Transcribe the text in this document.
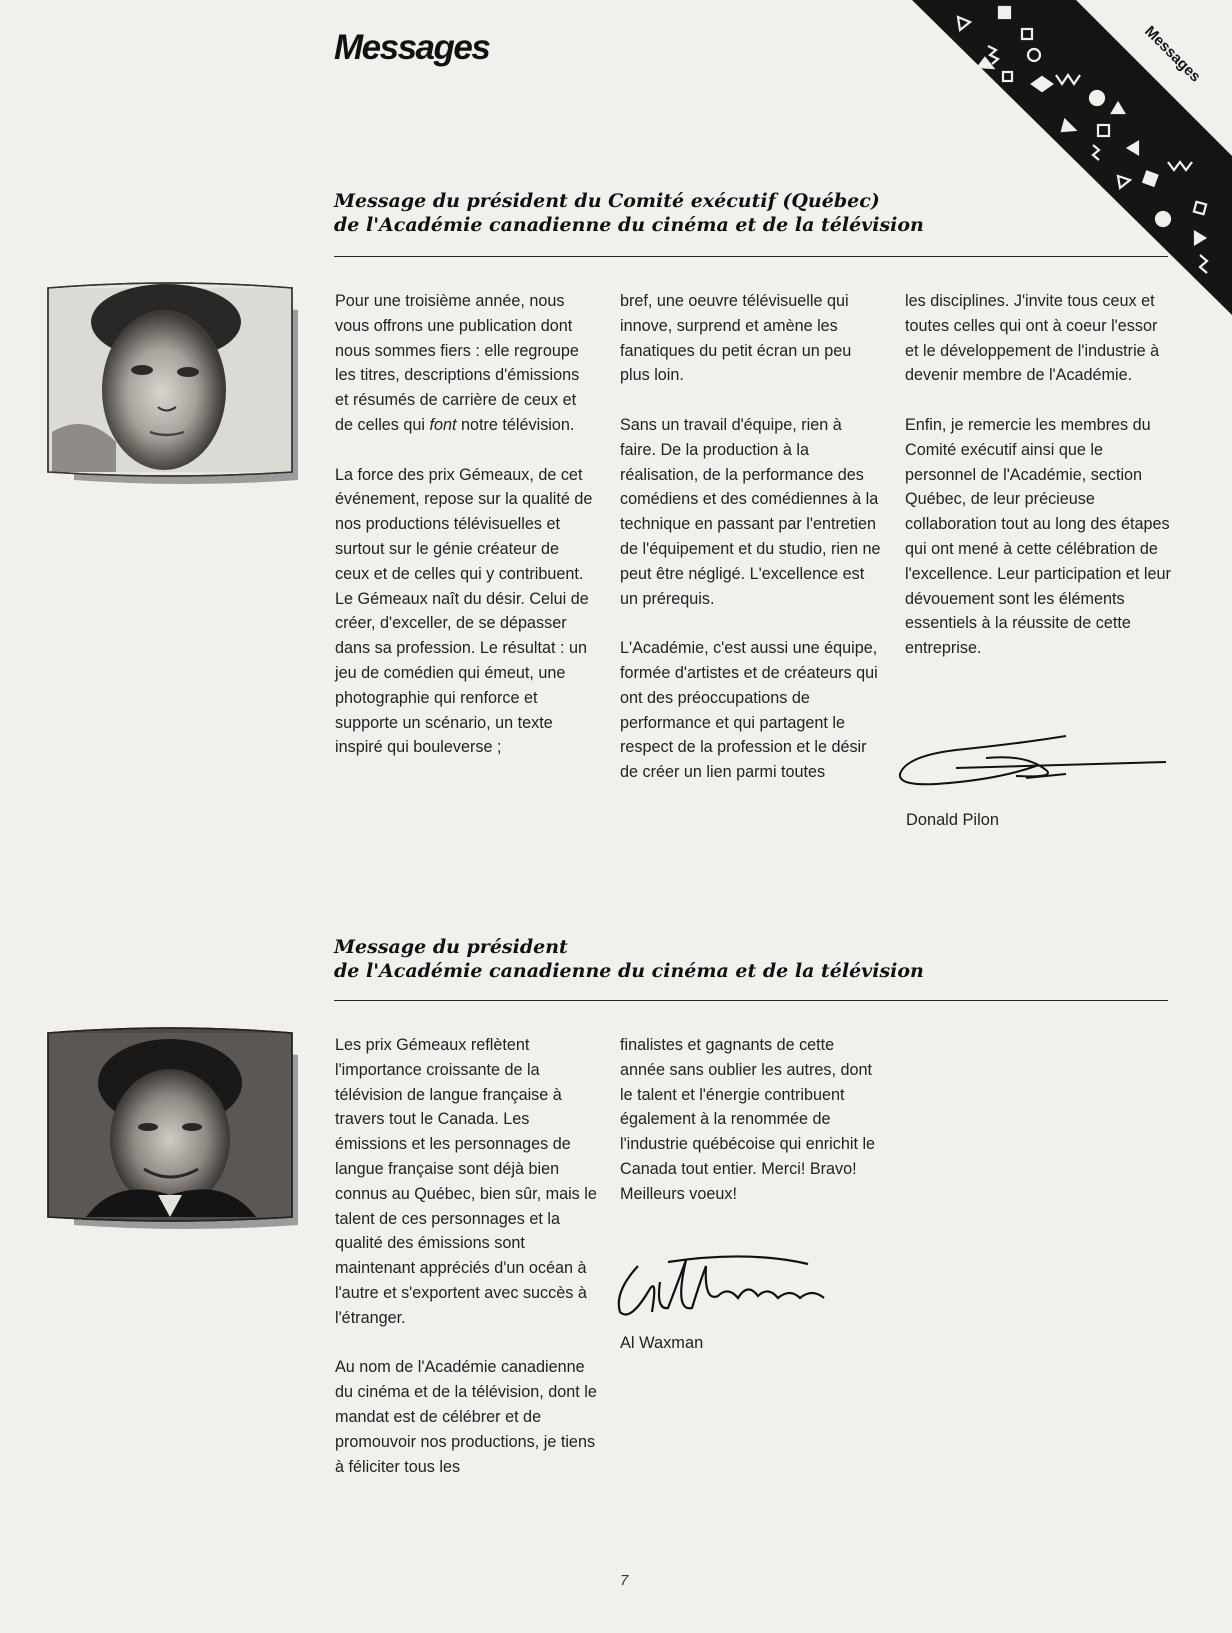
Messages
Messages
Message du président du Comité exécutif (Québec)
de l'Académie canadienne du cinéma et de la télévision

Pour une troisième année, nous vous offrons une publication dont nous sommes fiers : elle regroupe les titres, descriptions d'émissions et résumés de carrière de ceux et de celles qui font notre télévision.

La force des prix Gémeaux, de cet événement, repose sur la qualité de nos productions télévisuelles et surtout sur le génie créateur de ceux et de celles qui y contribuent. Le Gémeaux naît du désir. Celui de créer, d'exceller, de se dépasser dans sa profession. Le résultat : un jeu de comédien qui émeut, une photographie qui renforce et supporte un scénario, un texte inspiré qui bouleverse ;

bref, une oeuvre télévisuelle qui innove, surprend et amène les fanatiques du petit écran un peu plus loin.

Sans un travail d'équipe, rien à faire. De la production à la réalisation, de la performance des comédiens et des comédiennes à la technique en passant par l'entretien de l'équipement et du studio, rien ne peut être négligé. L'excellence est un prérequis.

L'Académie, c'est aussi une équipe, formée d'artistes et de créateurs qui ont des préoccupations de performance et qui partagent le respect de la profession et le désir de créer un lien parmi toutes

les disciplines. J'invite tous ceux et toutes celles qui ont à coeur l'essor et le développement de l'industrie à devenir membre de l'Académie.

Enfin, je remercie les membres du Comité exécutif ainsi que le personnel de l'Académie, section Québec, de leur précieuse collaboration tout au long des étapes qui ont mené à cette célébration de l'excellence. Leur participation et leur dévouement sont les éléments essentiels à la réussite de cette entreprise.

Donald Pilon
Message du président
de l'Académie canadienne du cinéma et de la télévision

Les prix Gémeaux reflètent l'importance croissante de la télévision de langue française à travers tout le Canada. Les émissions et les personnages de langue française sont déjà bien connus au Québec, bien sûr, mais le talent de ces personnages et la qualité des émissions sont maintenant appréciés d'un océan à l'autre et s'exportent avec succès à l'étranger.

Au nom de l'Académie canadienne du cinéma et de la télévision, dont le mandat est de célébrer et de promouvoir nos productions, je tiens à féliciter tous les

finalistes et gagnants de cette année sans oublier les autres, dont le talent et l'énergie contribuent également à la renommée de l'industrie québécoise qui enrichit le Canada tout entier. Merci! Bravo! Meilleurs voeux!

Al Waxman
7
